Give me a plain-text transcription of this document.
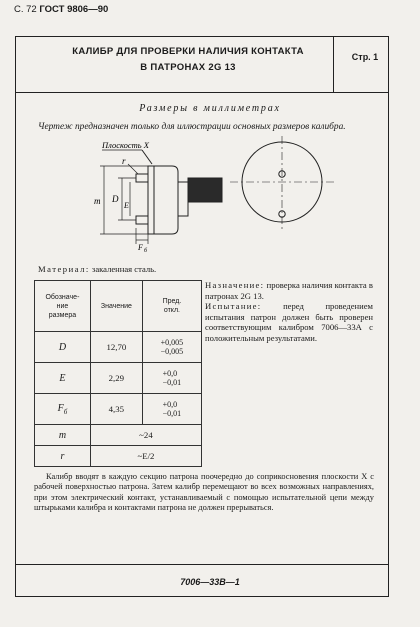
С. 72 ГОСТ 9806—90
КАЛИБР ДЛЯ ПРОВЕРКИ НАЛИЧИЯ КОНТАКТА
В ПАТРОНАХ 2G 13
Стр. 1
Размеры в миллиметрах
Чертеж предназначен только для иллюстрации основных размеров калибра.
Плоскость X
r
m D
E
F б
Материал: закаленная сталь.
Обозначе-
ние
размера	Значение	Пред.
откл.
D	12,70	+0,005
−0,005
E	2,29	+0,0
−0,01
$F_б$	4,35	+0,0
−0,01
m	~24	
r	~E/2	
Назначение: проверка наличия контакта в патронах 2G 13.
Испытание:	перед проведением испытания патрон должен быть проверен соответствующим калибром 7006—33А с положительным результатами.
Калибр вводят в каждую секцию патрона поочередно до соприкосновения плоскости X с рабочей поверхностью патрона. Затем калибр перемещают во всех возможных направлениях, при этом электрический контакт, устанавливаемый с помощью испытательной цепи между штырьками калибра и контактами патрона не должен прерываться.
7006—33B—1
